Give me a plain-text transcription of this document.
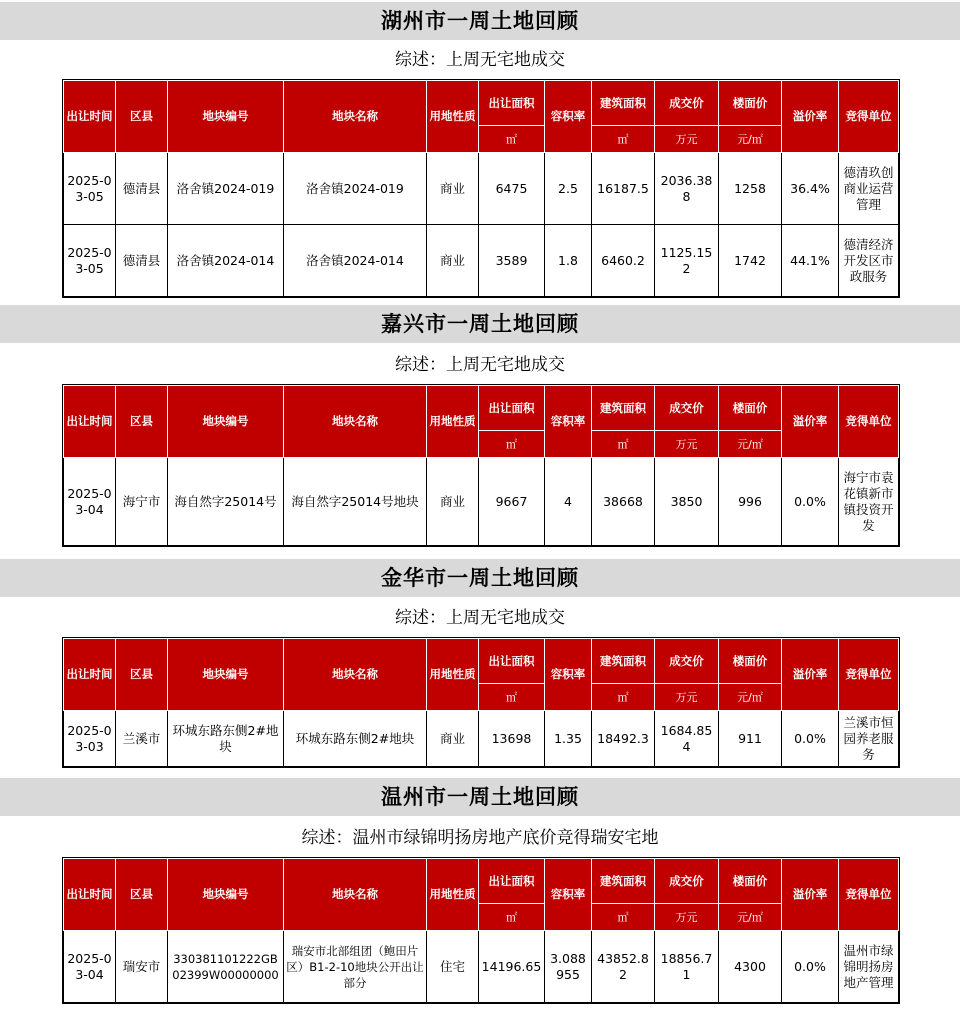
湖州市一周土地回顾
综述：上周无宅地成交
出让时间	区县	地块编号	地块名称	用地性质	出让面积	容积率	建筑面积	成交价	楼面价	溢价率	竞得单位
					㎡		㎡	万元	元/㎡		
2025-03-05	德清县	洛舍镇2024-019	洛舍镇2024-019	商业	6475	2.5	16187.5	2036.388	1258	36.4%	德清玖创商业运营管理
2025-03-05	德清县	洛舍镇2024-014	洛舍镇2024-014	商业	3589	1.8	6460.2	1125.152	1742	44.1%	德清经济开发区市政服务
嘉兴市一周土地回顾
综述：上周无宅地成交
出让时间	区县	地块编号	地块名称	用地性质	出让面积	容积率	建筑面积	成交价	楼面价	溢价率	竞得单位
					㎡		㎡	万元	元/㎡		
2025-03-04	海宁市	海自然字25014号	海自然字25014号地块	商业	9667	4	38668	3850	996	0.0%	海宁市袁花镇新市镇投资开发
金华市一周土地回顾
综述：上周无宅地成交
出让时间	区县	地块编号	地块名称	用地性质	出让面积	容积率	建筑面积	成交价	楼面价	溢价率	竞得单位
					㎡		㎡	万元	元/㎡		
2025-03-03	兰溪市	环城东路东侧2#地块	环城东路东侧2#地块	商业	13698	1.35	18492.3	1684.854	911	0.0%	兰溪市恒园养老服务
温州市一周土地回顾
综述：温州市绿锦明扬房地产底价竞得瑞安宅地
出让时间	区县	地块编号	地块名称	用地性质	出让面积	容积率	建筑面积	成交价	楼面价	溢价率	竞得单位
					㎡		㎡	万元	元/㎡		
2025-03-04	瑞安市	330381101222GB02399W00000000	瑞安市北部组团（鲍田片区）B1-2-10地块公开出让部分	住宅	14196.65	3.088955	43852.82	18856.71	4300	0.0%	温州市绿锦明扬房地产管理
